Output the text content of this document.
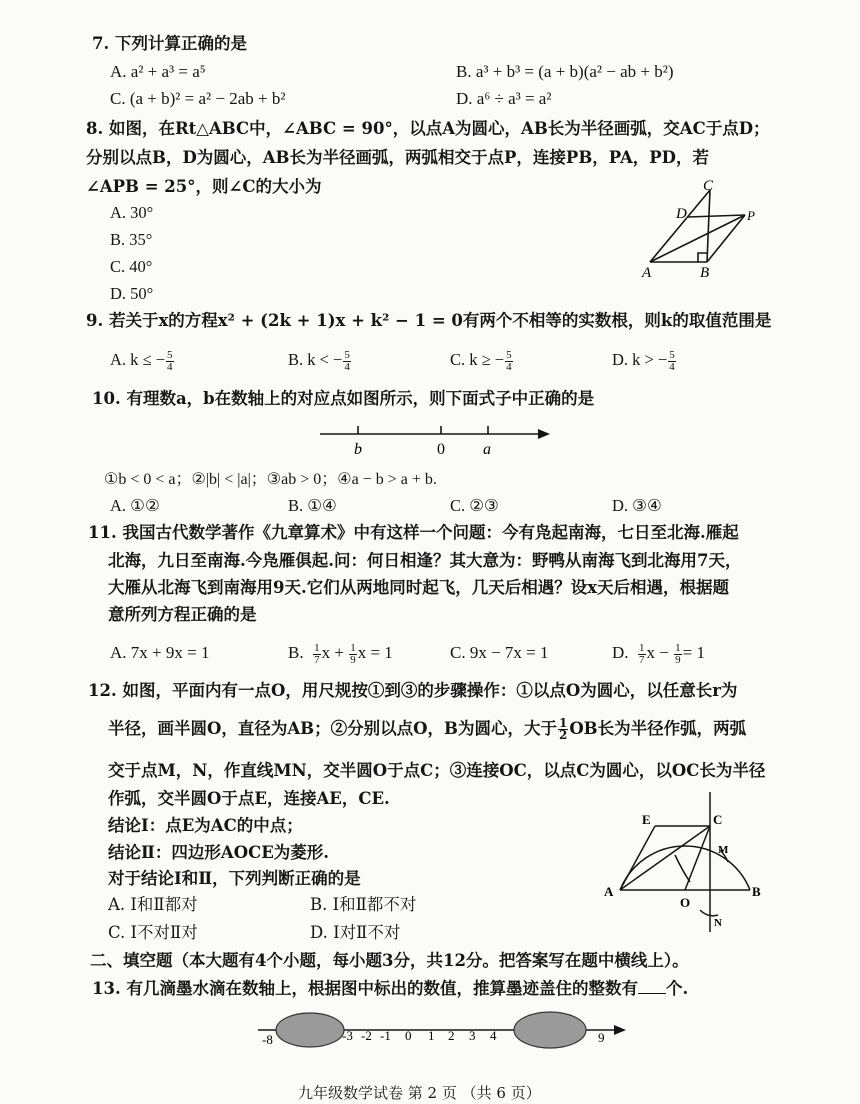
7. 下列计算正确的是
A. a² + a³ = a⁵	B. a³ + b³ = (a + b)(a² − ab + b²)
C. (a + b)² = a² − 2ab + b²	D. a⁶ ÷ a³ = a²
8. 如图，在Rt△ABC中，∠ABC = 90°，以点A为圆心，AB长为半径画弧，交AC于点D；
分别以点B，D为圆心，AB长为半径画弧，两弧相交于点P，连接PB，PA，PD，若
∠APB = 25°，则∠C的大小为
A. 30°
B. 35°
C. 40°
D. 50°
C
D
A	B
P
9. 若关于x的方程x² + (2k + 1)x + k² − 1 = 0有两个不相等的实数根，则k的取值范围是
A. k ≤ − $\frac{5}{4}$	B. k < − $\frac{5}{4}$	C. k ≥ − $\frac{5}{4}$	D. k > − $\frac{5}{4}$
10. 有理数a，b在数轴上的对应点如图所示，则下面式子中正确的是
b	0 a
①b < 0 < a；②|b| < |a|；③ab > 0；④a − b > a + b.
A. ①②	B. ①④	C. ②③	D. ③④
11. 我国古代数学著作《九章算术》中有这样一个问题：今有凫起南海，七日至北海.雁起
北海，九日至南海.今凫雁俱起.问：何日相逢？其大意为：野鸭从南海飞到北海用7天，
大雁从北海飞到南海用9天.它们从两地同时起飞，几天后相遇？设x天后相遇，根据题
意所列方程正确的是
A. 7x + 9x = 1	B. $\frac{1}{7}$ $x + \frac{1}{9}$ x = 1	C. 9x − 7x = 1	D. $\frac{1}{7}$ $x - \frac{1}{9} = 1$
12. 如图，平面内有一点O，用尺规按①到③的步骤操作：①以点O为圆心，以任意长r为
半径，画半圆O，直径为AB；②分别以点O，B为圆心，大于 $\frac{1}{2}$ OB长为半径作弧，两弧
交于点M，N，作直线MN，交半圆O于点C；③连接OC，以点C为圆心，以OC长为半径
作弧，交半圆O于点E，连接AE，CE.
结论Ⅰ：点E为AC的中点；
结论Ⅱ：四边形AOCE为菱形.
对于结论Ⅰ和Ⅱ，下列判断正确的是
A. Ⅰ和Ⅱ都对	B. Ⅰ和Ⅱ都不对
C. Ⅰ不对Ⅱ对	D. Ⅰ对Ⅱ不对
E	C
A	B
O
M
N
二、填空题（本大题有4个小题，每小题3分，共12分。把答案写在题中横线上）。
13. 有几滴墨水滴在数轴上，根据图中标出的数值，推算墨迹盖住的整数有 个.
-8	-3 -2 -1 0 1 2 3 4	9
九年级数学试卷 第 2 页 （共 6 页）
